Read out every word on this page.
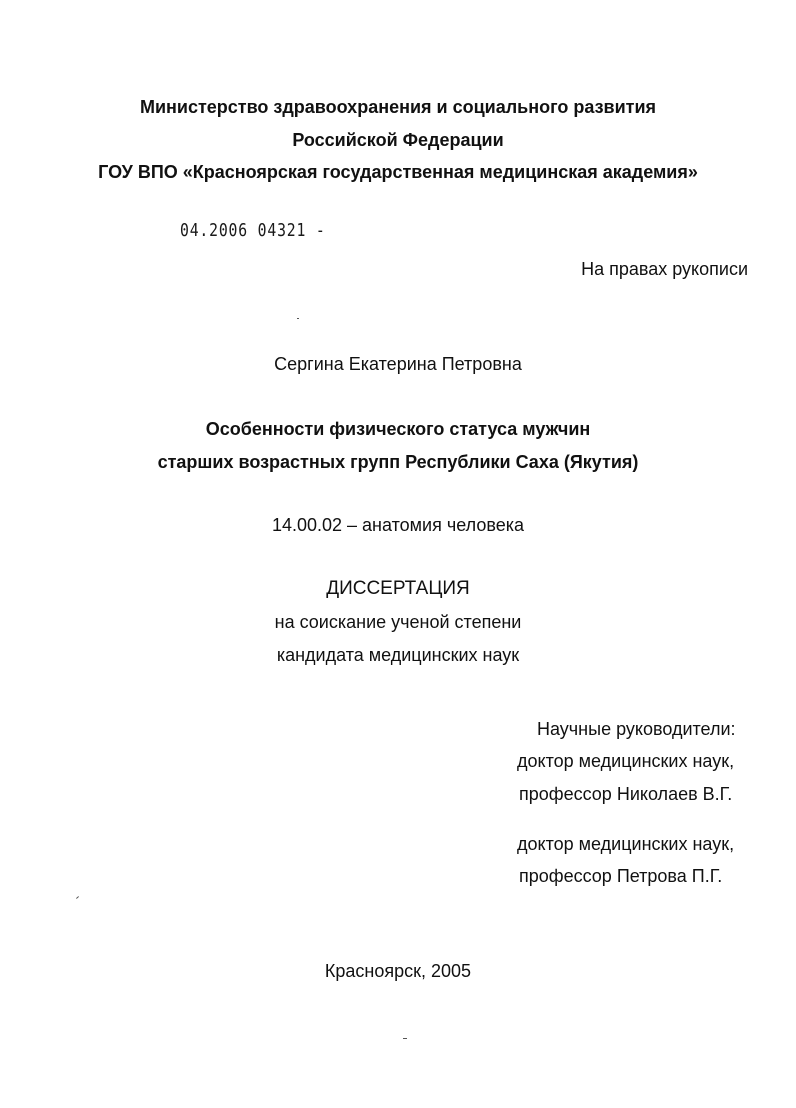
Министерство здравоохранения и социального развития
Российской Федерации
ГОУ ВПО «Красноярская государственная медицинская академия»
04.2006 04321 -
На правах рукописи
Сергина Екатерина Петровна
Особенности физического статуса мужчин
старших возрастных групп Республики Саха (Якутия)
14.00.02 – анатомия человека
ДИССЕРТАЦИЯ
на соискание ученой степени
кандидата медицинских наук
Научные руководители:
доктор медицинских наук,
профессор Николаев В.Г.
доктор медицинских наук,
профессор Петрова П.Г.
Красноярск, 2005
